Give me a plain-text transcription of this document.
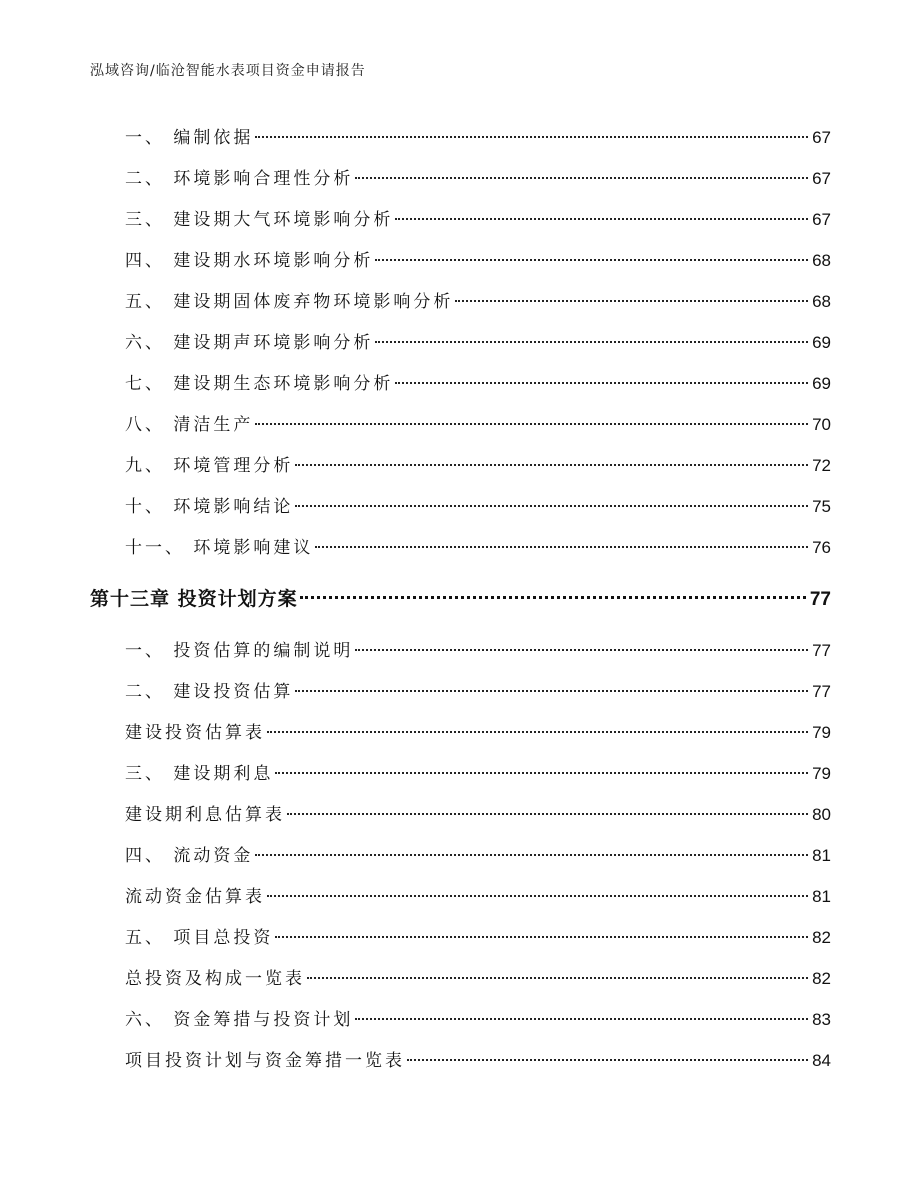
泓域咨询/临沧智能水表项目资金申请报告
一、 编制依据	67
二、 环境影响合理性分析	67
三、 建设期大气环境影响分析	67
四、 建设期水环境影响分析	68
五、 建设期固体废弃物环境影响分析	68
六、 建设期声环境影响分析	69
七、 建设期生态环境影响分析	69
八、 清洁生产	70
九、 环境管理分析	72
十、 环境影响结论	75
十一、 环境影响建议	76
第十三章 投资计划方案	77
一、 投资估算的编制说明	77
二、 建设投资估算	77
建设投资估算表	79
三、 建设期利息	79
建设期利息估算表	80
四、 流动资金	81
流动资金估算表	81
五、 项目总投资	82
总投资及构成一览表	82
六、 资金筹措与投资计划	83
项目投资计划与资金筹措一览表	84
